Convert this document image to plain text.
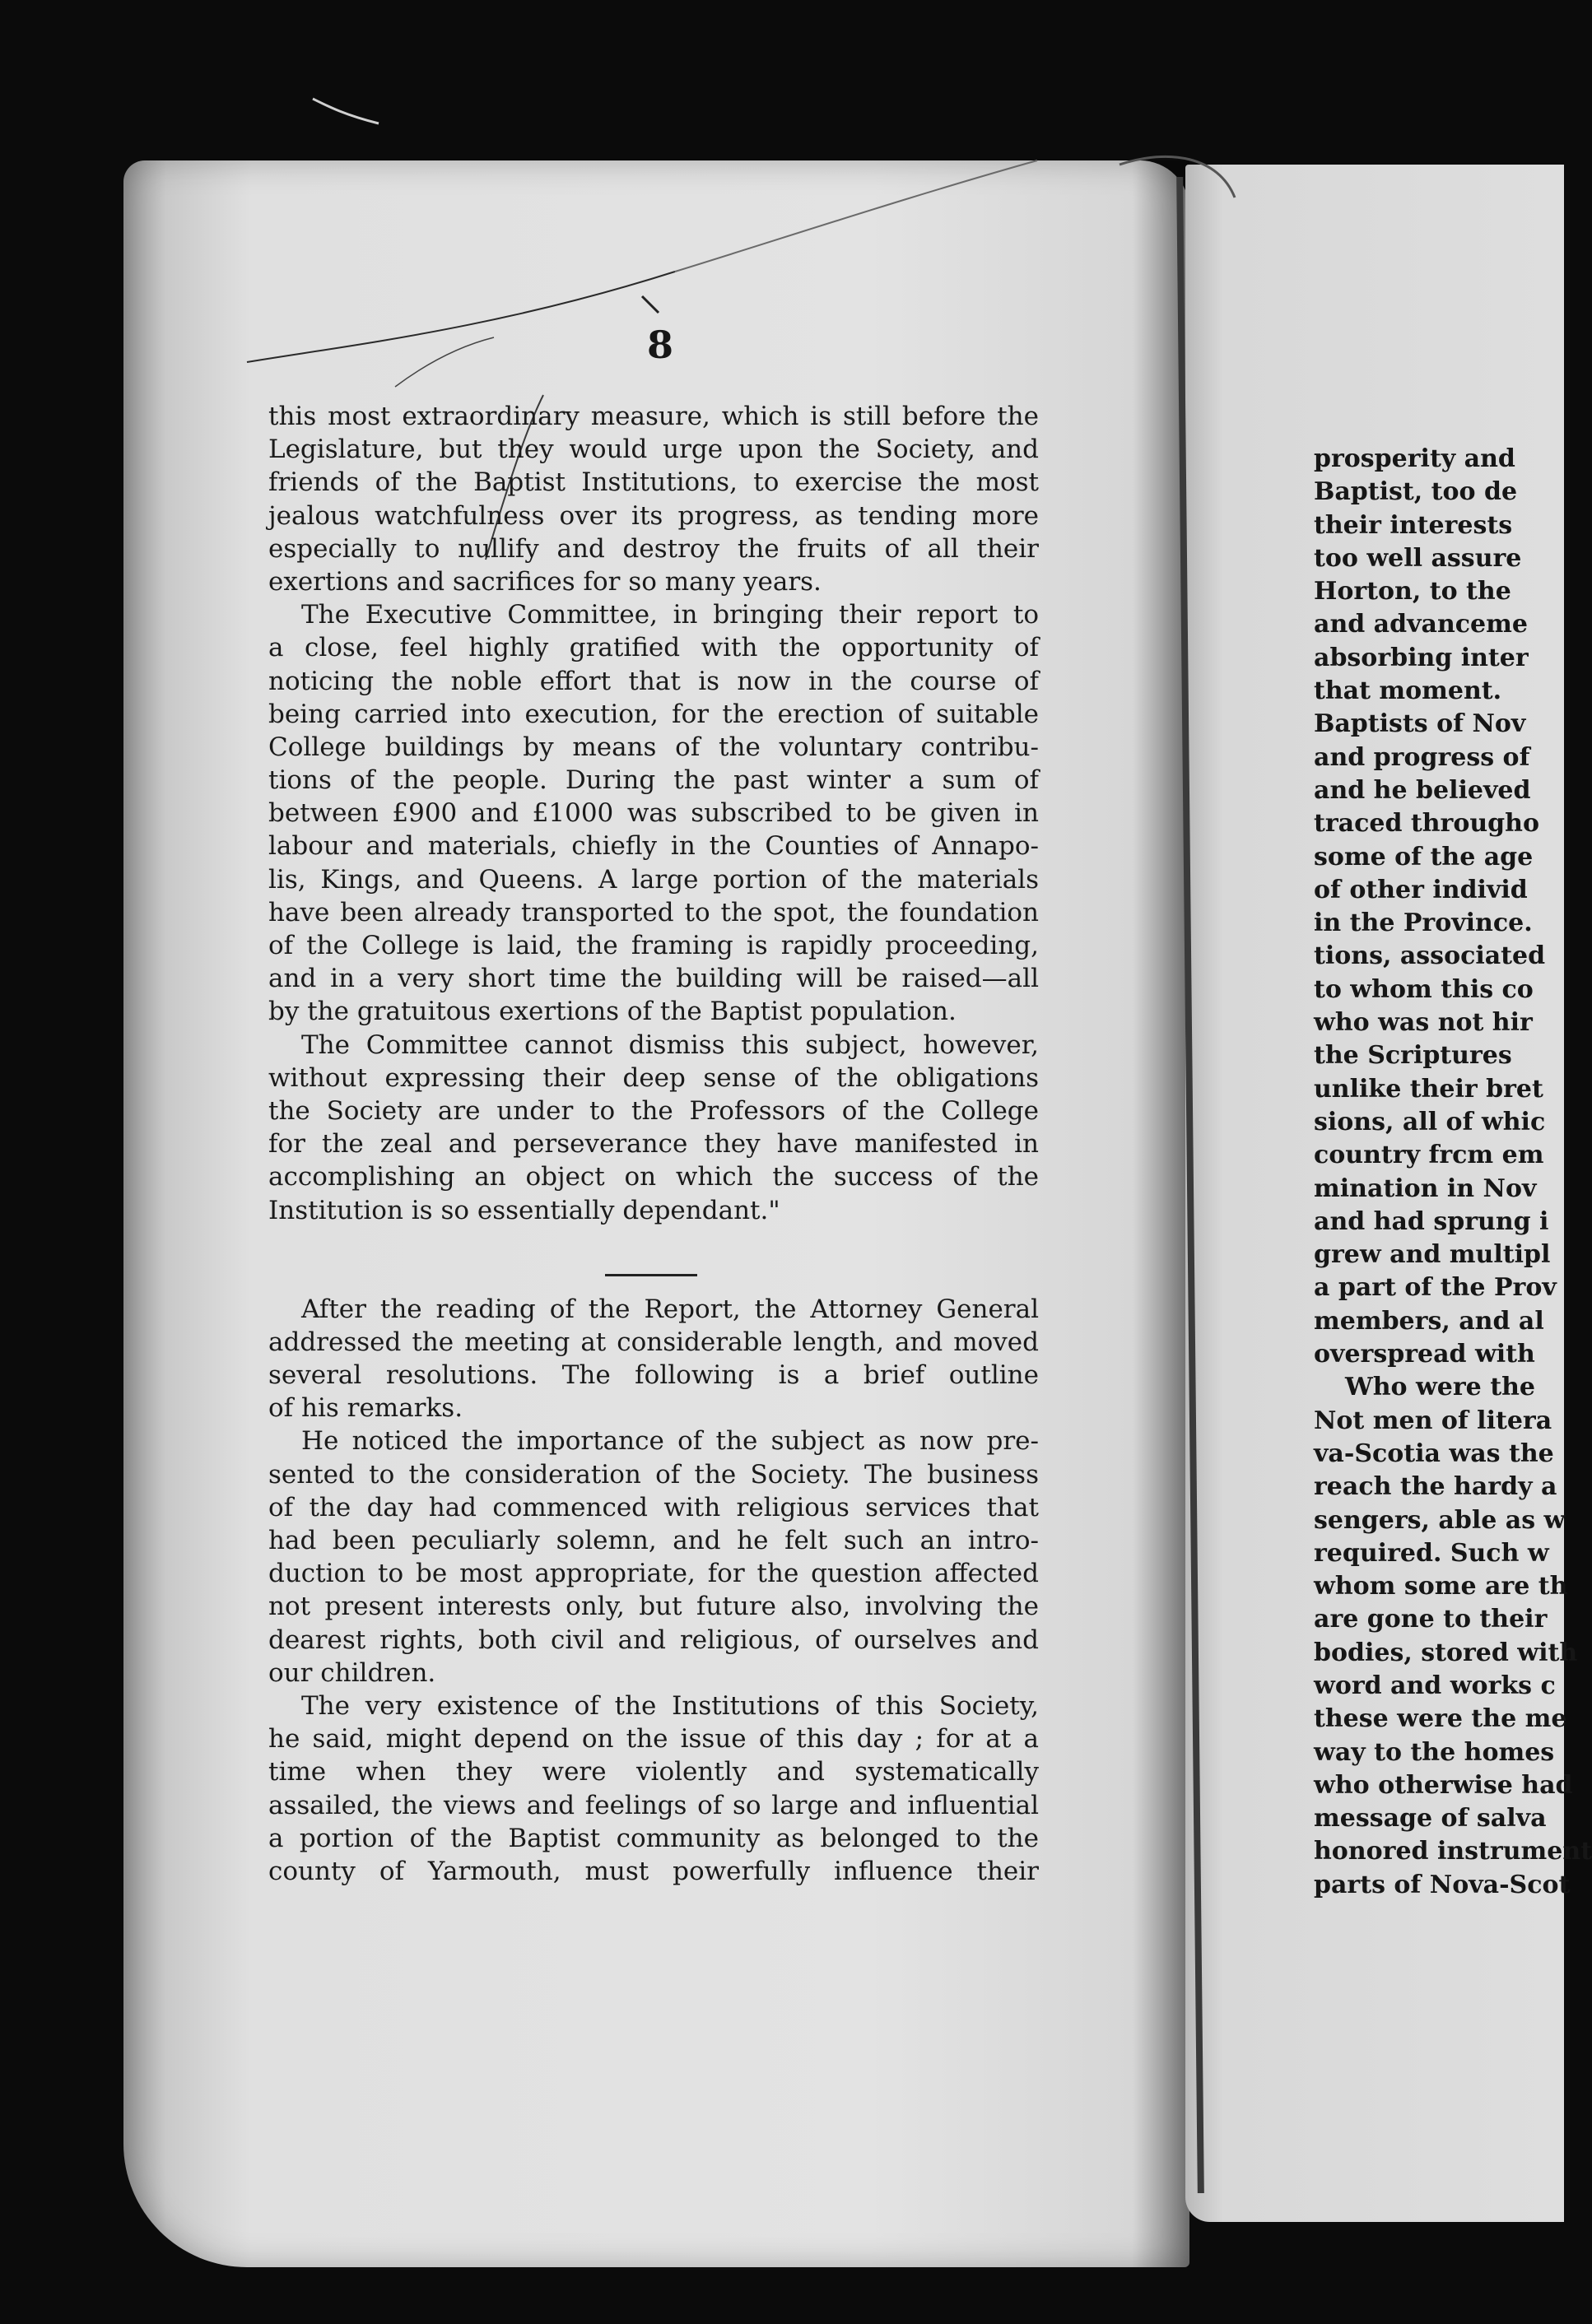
8
this most extraordinary measure, which is still before the
Legislature, but they would urge upon the Society, and
friends of the Baptist Institutions, to exercise the most
jealous watchfulness over its progress, as tending more
especially to nullify and destroy the fruits of all their
exertions and sacrifices for so many years.
The Executive Committee, in bringing their report to
a close, feel highly gratified with the opportunity of
noticing the noble effort that is now in the course of
being carried into execution, for the erection of suitable
College buildings by means of the voluntary contribu-
tions of the people. During the past winter a sum of
between £900 and £1000 was subscribed to be given in
labour and materials, chiefly in the Counties of Annapo-
lis, Kings, and Queens. A large portion of the materials
have been already transported to the spot, the foundation
of the College is laid, the framing is rapidly proceeding,
and in a very short time the building will be raised—all
by the gratuitous exertions of the Baptist population.
The Committee cannot dismiss this subject, however,
without expressing their deep sense of the obligations
the Society are under to the Professors of the College
for the zeal and perseverance they have manifested in
accomplishing an object on which the success of the
Institution is so essentially dependant."
After the reading of the Report, the Attorney General
addressed the meeting at considerable length, and moved
several resolutions. The following is a brief outline
of his remarks.
He noticed the importance of the subject as now pre-
sented to the consideration of the Society. The business
of the day had commenced with religious services that
had been peculiarly solemn, and he felt such an intro-
duction to be most appropriate, for the question affected
not present interests only, but future also, involving the
dearest rights, both civil and religious, of ourselves and
our children.
The very existence of the Institutions of this Society,
he said, might depend on the issue of this day ; for at a
time when they were violently and systematically
assailed, the views and feelings of so large and influential
a portion of the Baptist community as belonged to the
county of Yarmouth, must powerfully influence their
prosperity and
Baptist, too de
their interests
too well assure
Horton, to the
and advanceme
absorbing inter
that moment.
Baptists of Nov
and progress of
and he believed
traced througho
some of the age
of other individ
in the Province.
tions, associated
to whom this co
who was not hir
the Scriptures
unlike their bret
sions, all of whic
country frcm em
mination in Nov
and had sprung i
grew and multipl
a part of the Prov
members, and al
overspread with
Who were the
Not men of litera
va-Scotia was the
reach the hardy a
sengers, able as w
required. Such w
whom some are th
are gone to their
bodies, stored with
word and works c
these were the me
way to the homes
who otherwise had
message of salva
honored instrument
parts of Nova-Scot
